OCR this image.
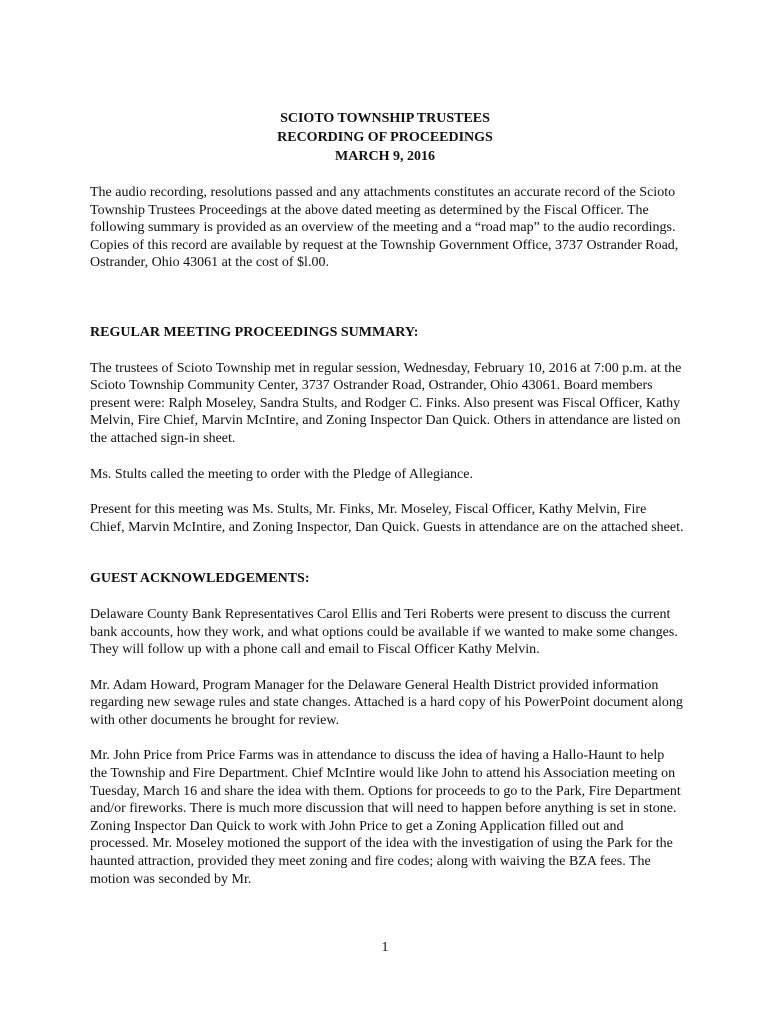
SCIOTO TOWNSHIP TRUSTEES
RECORDING OF PROCEEDINGS
MARCH 9, 2016

The audio recording, resolutions passed and any attachments constitutes an accurate record of the Scioto Township Trustees Proceedings at the above dated meeting as determined by the Fiscal Officer. The following summary is provided as an overview of the meeting and a “road map” to the audio recordings. Copies of this record are available by request at the Township Government Office, 3737 Ostrander Road, Ostrander, Ohio 43061 at the cost of $l.00.

REGULAR MEETING PROCEEDINGS SUMMARY:

The trustees of Scioto Township met in regular session, Wednesday, February 10, 2016 at 7:00 p.m. at the Scioto Township Community Center, 3737 Ostrander Road, Ostrander, Ohio 43061. Board members present were: Ralph Moseley, Sandra Stults, and Rodger C. Finks. Also present was Fiscal Officer, Kathy Melvin, Fire Chief, Marvin McIntire, and Zoning Inspector Dan Quick. Others in attendance are listed on the attached sign-in sheet.

Ms. Stults called the meeting to order with the Pledge of Allegiance.

Present for this meeting was Ms. Stults, Mr. Finks, Mr. Moseley, Fiscal Officer, Kathy Melvin, Fire Chief, Marvin McIntire, and Zoning Inspector, Dan Quick. Guests in attendance are on the attached sheet.

GUEST ACKNOWLEDGEMENTS:

Delaware County Bank Representatives Carol Ellis and Teri Roberts were present to discuss the current bank accounts, how they work, and what options could be available if we wanted to make some changes. They will follow up with a phone call and email to Fiscal Officer Kathy Melvin.

Mr. Adam Howard, Program Manager for the Delaware General Health District provided information regarding new sewage rules and state changes. Attached is a hard copy of his PowerPoint document along with other documents he brought for review.

Mr. John Price from Price Farms was in attendance to discuss the idea of having a Hallo-Haunt to help the Township and Fire Department. Chief McIntire would like John to attend his Association meeting on Tuesday, March 16 and share the idea with them. Options for proceeds to go to the Park, Fire Department and/or fireworks. There is much more discussion that will need to happen before anything is set in stone. Zoning Inspector Dan Quick to work with John Price to get a Zoning Application filled out and processed. Mr. Moseley motioned the support of the idea with the investigation of using the Park for the haunted attraction, provided they meet zoning and fire codes; along with waiving the BZA fees. The motion was seconded by Mr.

1
